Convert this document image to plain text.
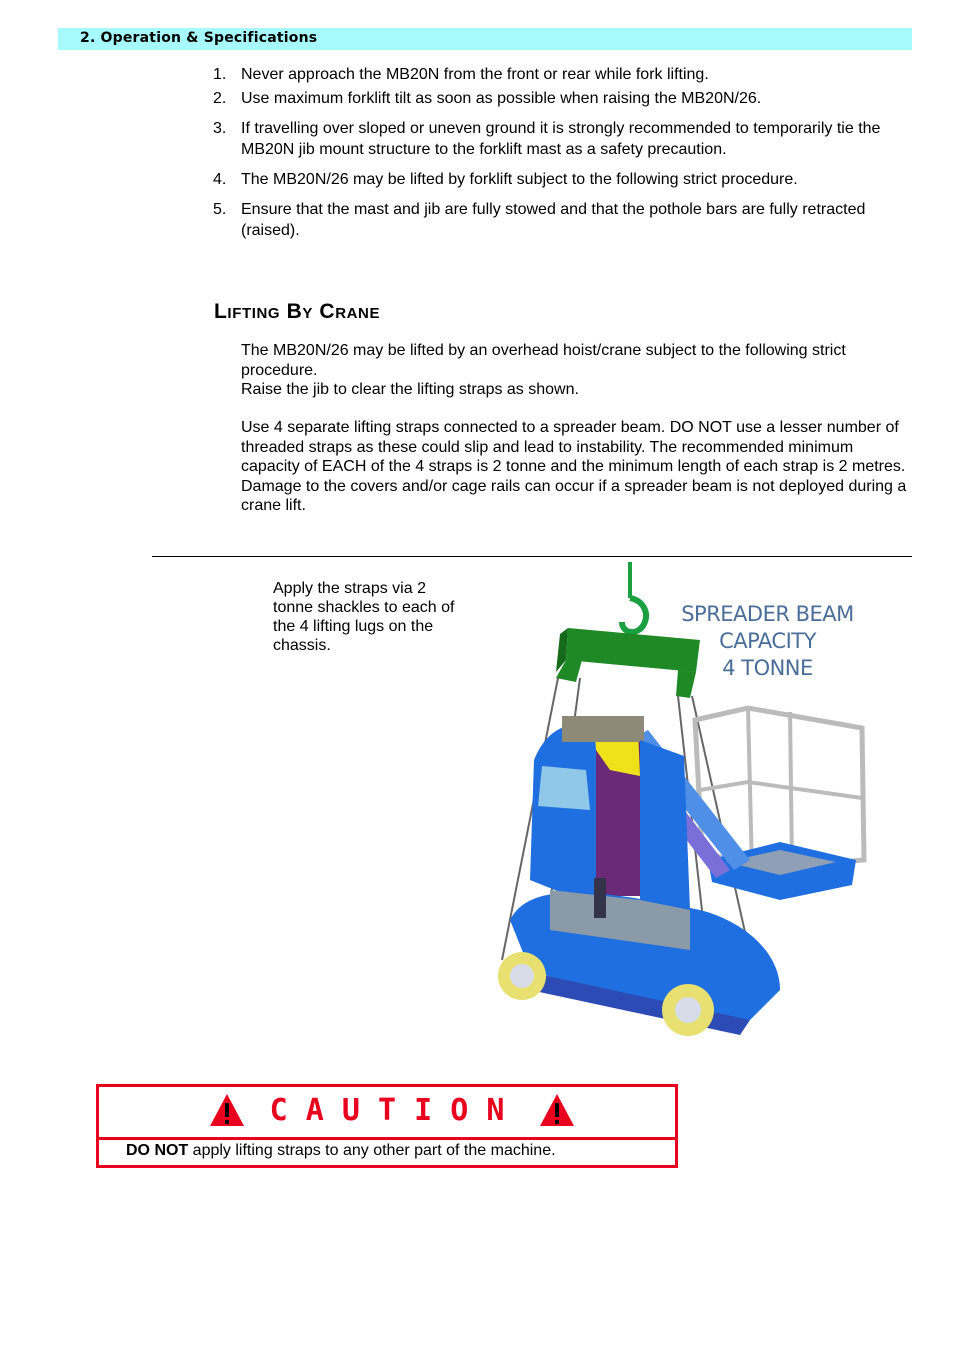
2. Operation & Specifications
1. Never approach the MB20N from the front or rear while fork lifting.
2. Use maximum forklift tilt as soon as possible when raising the MB20N/26.
3. If travelling over sloped or uneven ground it is strongly recommended to temporarily tie the MB20N jib mount structure to the forklift mast as a safety precaution.
4. The MB20N/26 may be lifted by forklift subject to the following strict procedure.
5. Ensure that the mast and jib are fully stowed and that the pothole bars are fully retracted (raised).
Lifting By Crane

The MB20N/26 may be lifted by an overhead hoist/crane subject to the following strict procedure.

Raise the jib to clear the lifting straps as shown.

Use 4 separate lifting straps connected to a spreader beam. DO NOT use a lesser number of threaded straps as these could slip and lead to instability. The recommended minimum capacity of EACH of the 4 straps is 2 tonne and the minimum length of each strap is 2 metres. Damage to the covers and/or cage rails can occur if a spreader beam is not deployed during a crane lift.

Apply the straps via 2 tonne shackles to each of the 4 lifting lugs on the chassis.

SPREADER BEAM
CAPACITY
4 TONNE
C A U T I O N
DO NOT apply lifting straps to any other part of the machine.
